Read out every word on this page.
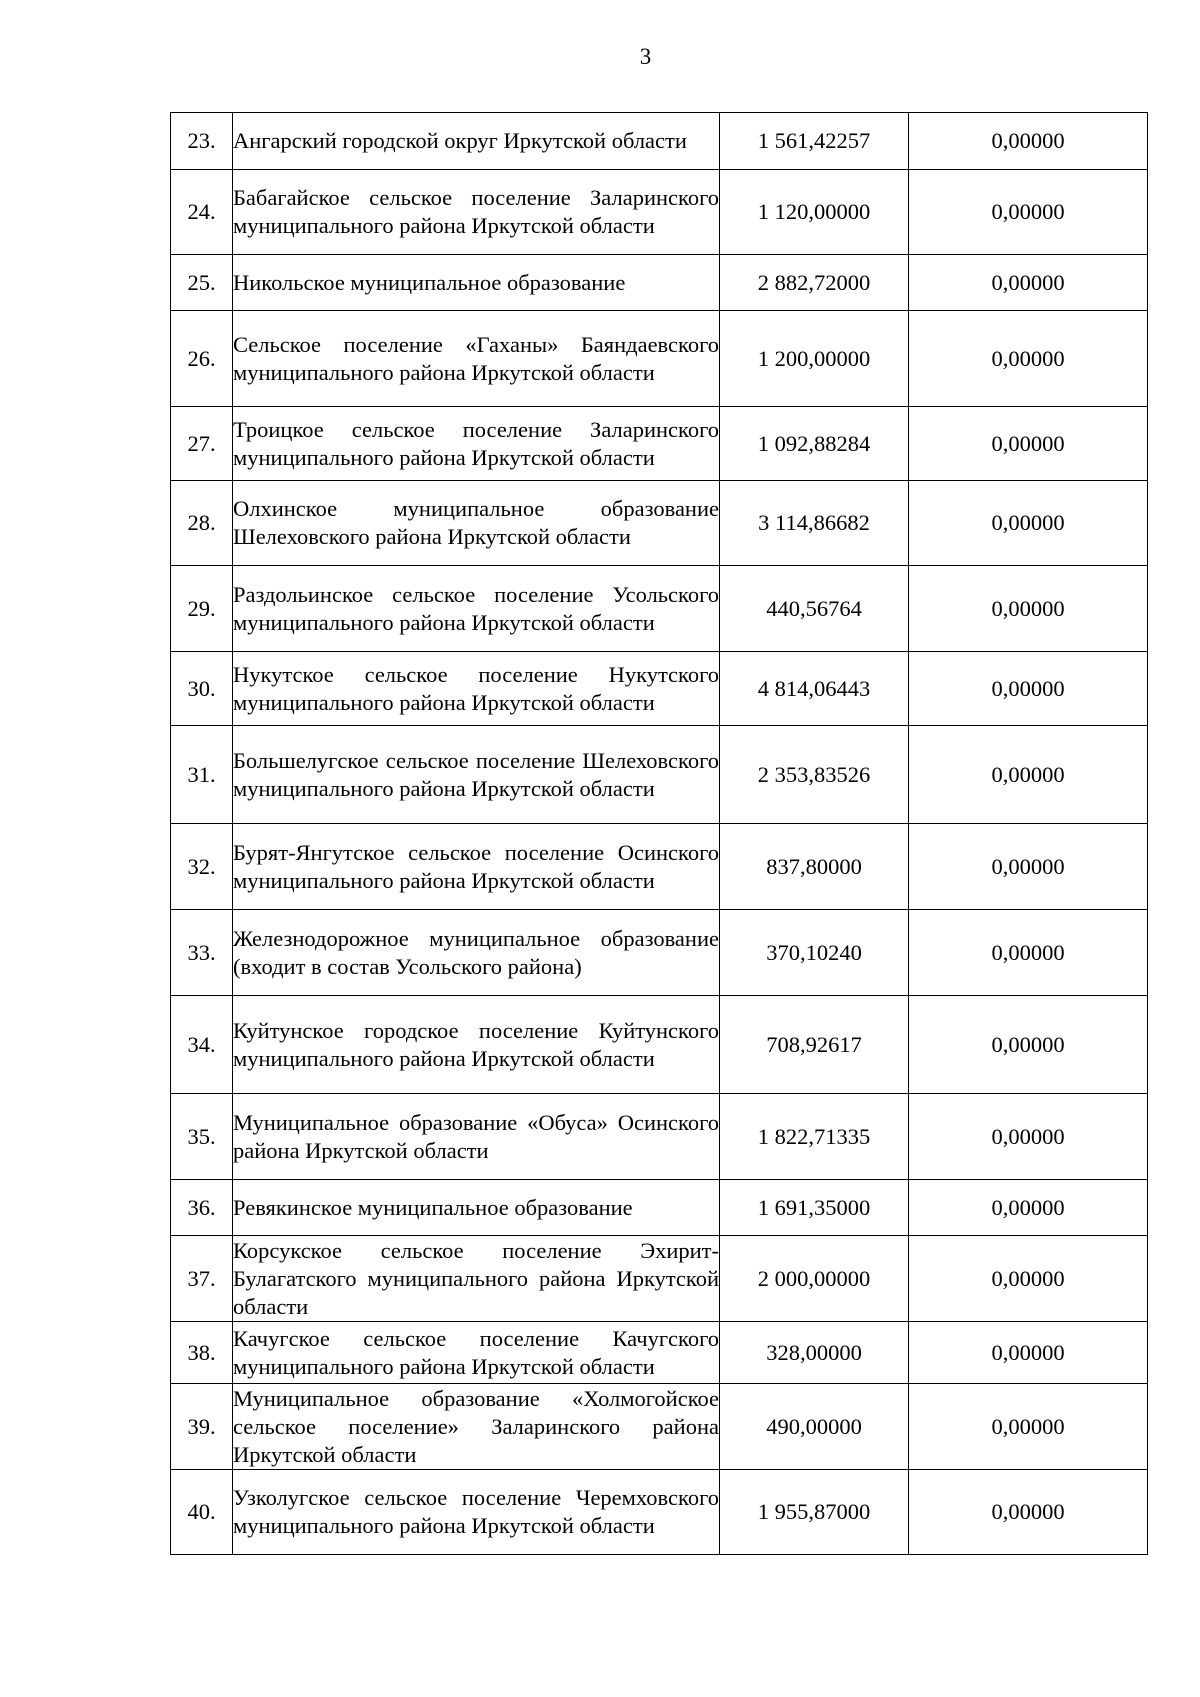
3
23.	Ангарский городской округ Иркутской области	1 561,42257	0,00000
24.	Бабагайское сельское поселение Заларинского муниципального района Иркутской области	1 120,00000	0,00000
25.	Никольское муниципальное образование	2 882,72000	0,00000
26.	Сельское поселение «Гаханы» Баяндаевского муниципального района Иркутской области	1 200,00000	0,00000
27.	Троицкое сельское поселение Заларинского муниципального района Иркутской области	1 092,88284	0,00000
28.	Олхинское муниципальное образование Шелеховского района Иркутской области	3 114,86682	0,00000
29.	Раздольинское сельское поселение Усольского муниципального района Иркутской области	440,56764	0,00000
30.	Нукутское сельское поселение Нукутского муниципального района Иркутской области	4 814,06443	0,00000
31.	Большелугское сельское поселение Шелеховского муниципального района Иркутской области	2 353,83526	0,00000
32.	Бурят-Янгутское сельское поселение Осинского муниципального района Иркутской области	837,80000	0,00000
33.	Железнодорожное муниципальное образование (входит в состав Усольского района)	370,10240	0,00000
34.	Куйтунское городское поселение Куйтунского муниципального района Иркутской области	708,92617	0,00000
35.	Муниципальное образование «Обуса» Осинского района Иркутской области	1 822,71335	0,00000
36.	Ревякинское муниципальное образование	1 691,35000	0,00000
37.	Корсукское сельское поселение Эхирит-Булагатского муниципального района Иркутской области	2 000,00000	0,00000
38.	Качугское сельское поселение Качугского муниципального района Иркутской области	328,00000	0,00000
39.	Муниципальное образование «Холмогойское сельское поселение» Заларинского района Иркутской области	490,00000	0,00000
40.	Узколугское сельское поселение Черемховского муниципального района Иркутской области	1 955,87000	0,00000
